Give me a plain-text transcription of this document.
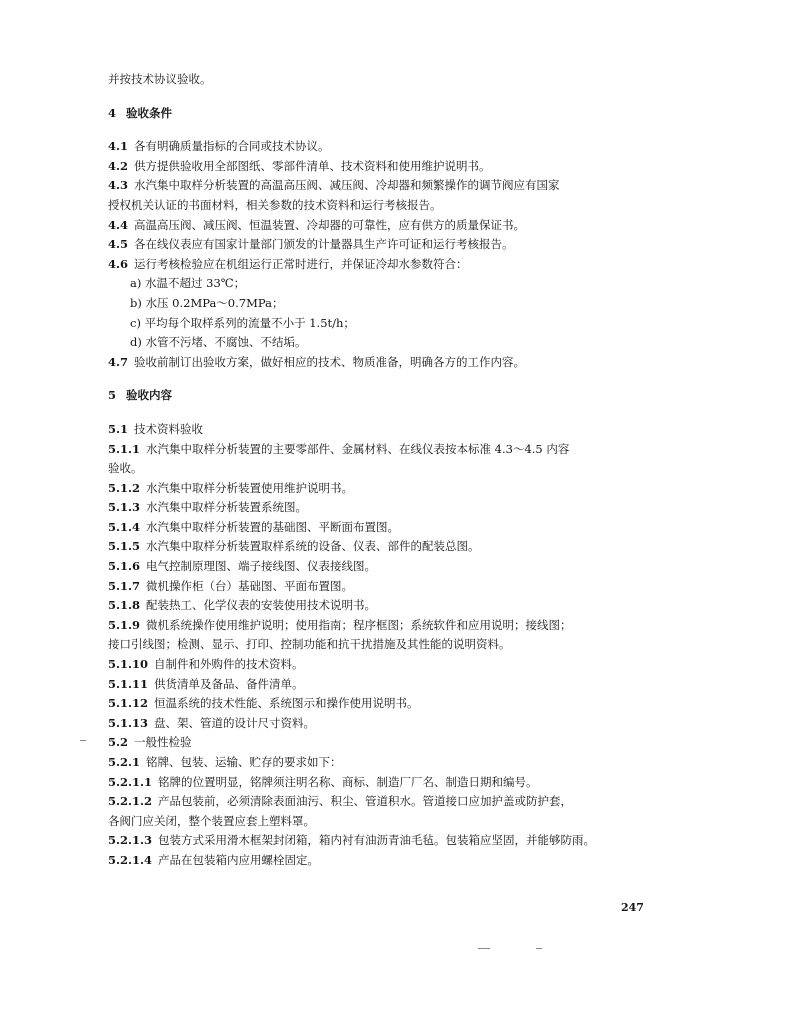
并按技术协议验收。
4 验收条件
4.1 各有明确质量指标的合同或技术协议。
4.2 供方提供验收用全部图纸、零部件清单、技术资料和使用维护说明书。
4.3 水汽集中取样分析装置的高温高压阀、减压阀、冷却器和频繁操作的调节阀应有国家
授权机关认证的书面材料，相关参数的技术资料和运行考核报告。
4.4 高温高压阀、减压阀、恒温装置、冷却器的可靠性，应有供方的质量保证书。
4.5 各在线仪表应有国家计量部门颁发的计量器具生产许可证和运行考核报告。
4.6 运行考核检验应在机组运行正常时进行，并保证冷却水参数符合：
a) 水温不超过 33℃；
b) 水压 0.2MPa～0.7MPa；
c) 平均每个取样系列的流量不小于 1.5t/h；
d) 水管不污堵、不腐蚀、不结垢。
4.7 验收前制订出验收方案，做好相应的技术、物质准备，明确各方的工作内容。
5 验收内容
5.1 技术资料验收
5.1.1 水汽集中取样分析装置的主要零部件、金属材料、在线仪表按本标准 4.3～4.5 内容
验收。
5.1.2 水汽集中取样分析装置使用维护说明书。
5.1.3 水汽集中取样分析装置系统图。
5.1.4 水汽集中取样分析装置的基础图、平断面布置图。
5.1.5 水汽集中取样分析装置取样系统的设备、仪表、部件的配装总图。
5.1.6 电气控制原理图、端子接线图、仪表接线图。
5.1.7 微机操作柜（台）基础图、平面布置图。
5.1.8 配装热工、化学仪表的安装使用技术说明书。
5.1.9 微机系统操作使用维护说明；使用指南；程序框图；系统软件和应用说明；接线图；
接口引线图；检测、显示、打印、控制功能和抗干扰措施及其性能的说明资料。
5.1.10 自制件和外购件的技术资料。
5.1.11 供货清单及备品、备件清单。
5.1.12 恒温系统的技术性能、系统图示和操作使用说明书。
5.1.13 盘、架、管道的设计尺寸资料。
5.2 一般性检验
5.2.1 铭牌、包装、运输、贮存的要求如下：
5.2.1.1 铭牌的位置明显，铭牌须注明名称、商标、制造厂厂名、制造日期和编号。
5.2.1.2 产品包装前，必须清除表面油污、积尘、管道积水。管道接口应加护盖或防护套，
各阀门应关闭，整个装置应套上塑料罩。
5.2.1.3 包装方式采用滑木框架封闭箱，箱内衬有油沥青油毛毡。包装箱应坚固，并能够防雨。
5.2.1.4 产品在包装箱内应用螺栓固定。
247
